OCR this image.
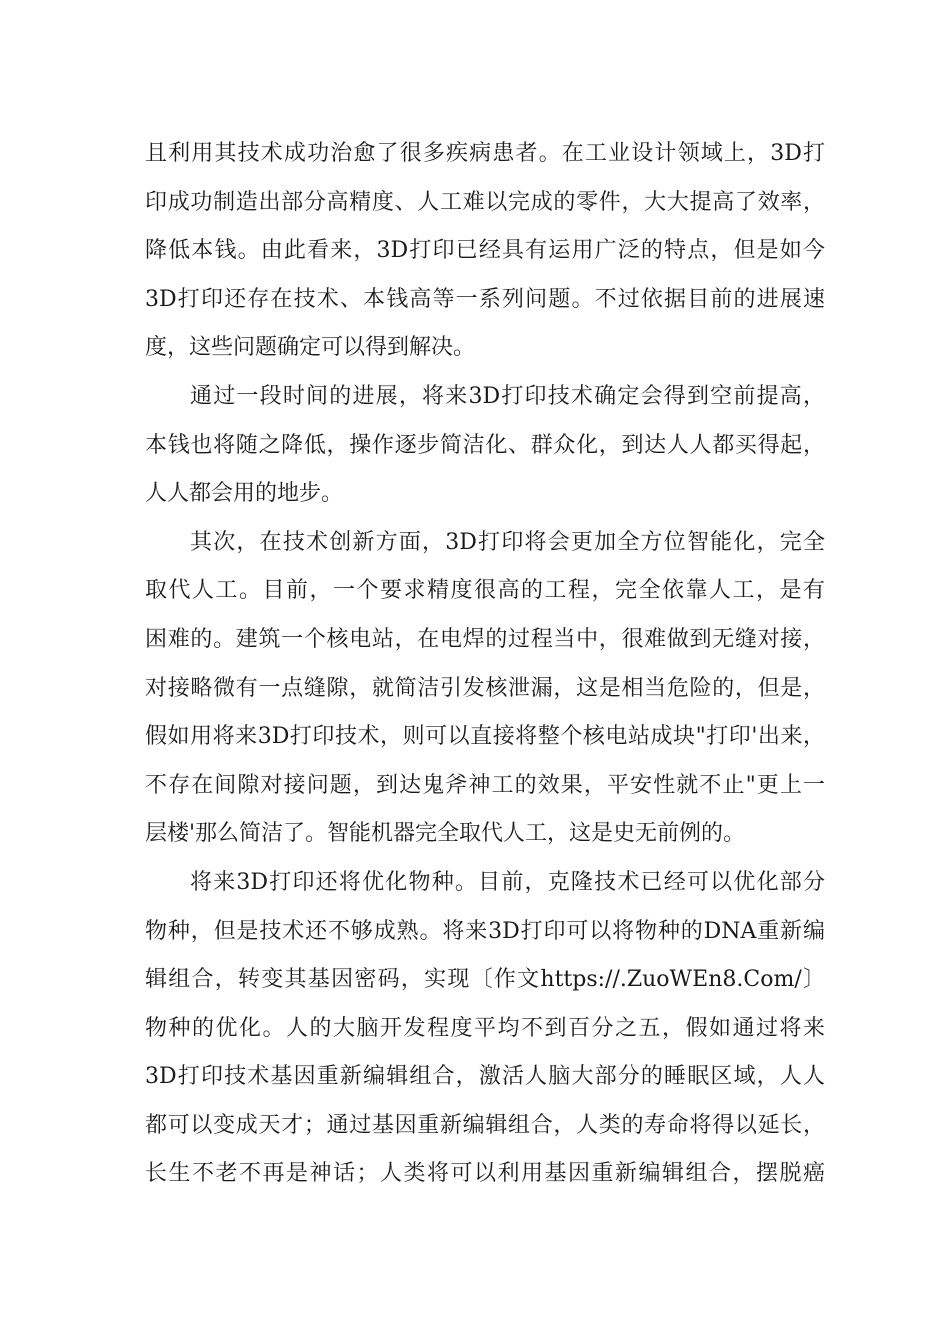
且利用其技术成功治愈了很多疾病患者。在工业设计领域上，3D打
印成功制造出部分高精度、人工难以完成的零件，大大提高了效率，
降低本钱。由此看来，3D打印已经具有运用广泛的特点，但是如今
3D打印还存在技术、本钱高等一系列问题。不过依据目前的进展速
度，这些问题确定可以得到解决。
通过一段时间的进展，将来3D打印技术确定会得到空前提高，
本钱也将随之降低，操作逐步简洁化、群众化，到达人人都买得起，
人人都会用的地步。
其次，在技术创新方面，3D打印将会更加全方位智能化，完全
取代人工。目前，一个要求精度很高的工程，完全依靠人工，是有
困难的。建筑一个核电站，在电焊的过程当中，很难做到无缝对接，
对接略微有一点缝隙，就简洁引发核泄漏，这是相当危险的，但是，
假如用将来3D打印技术，则可以直接将整个核电站成块"打印'出来，
不存在间隙对接问题，到达鬼斧神工的效果，平安性就不止"更上一
层楼'那么简洁了。智能机器完全取代人工，这是史无前例的。
将来3D打印还将优化物种。目前，克隆技术已经可以优化部分
物种，但是技术还不够成熟。将来3D打印可以将物种的DNA重新编
辑组合，转变其基因密码，实现〔作文https://.ZuoWEn8.Com/〕
物种的优化。人的大脑开发程度平均不到百分之五，假如通过将来
3D打印技术基因重新编辑组合，激活人脑大部分的睡眠区域，人人
都可以变成天才；通过基因重新编辑组合，人类的寿命将得以延长，
长生不老不再是神话；人类将可以利用基因重新编辑组合，摆脱癌
